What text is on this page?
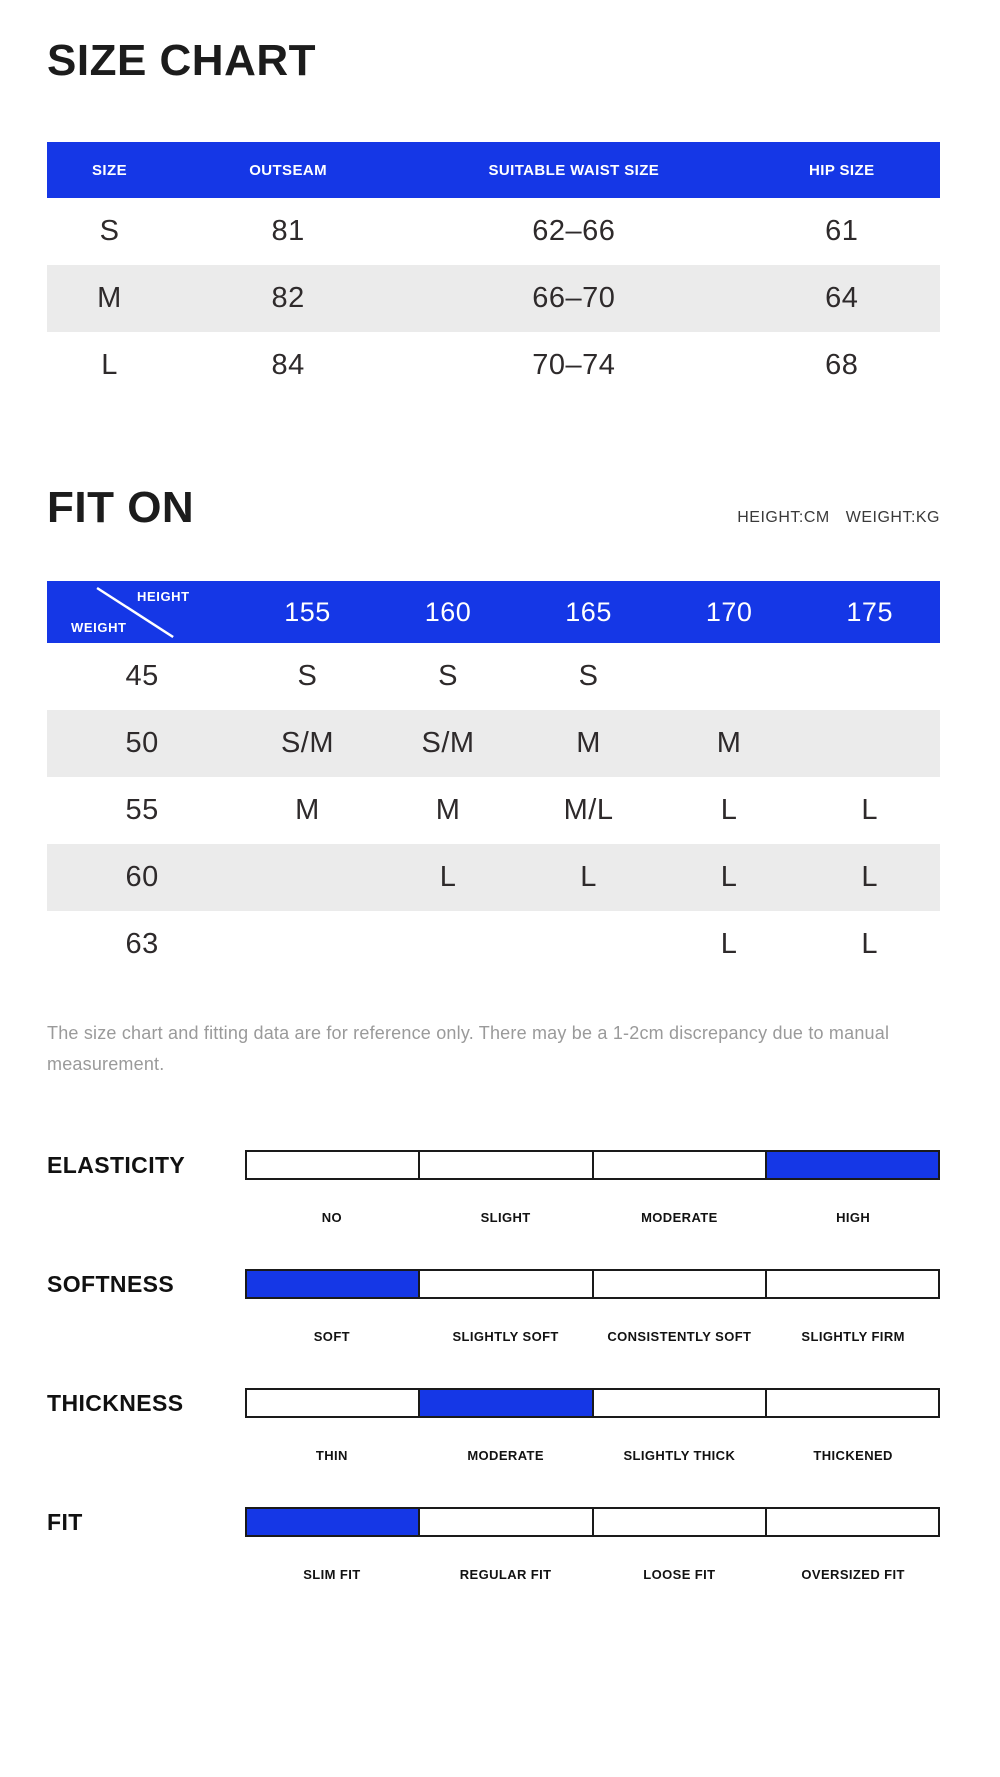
SIZE CHART
SIZE	OUTSEAM	SUITABLE WAIST SIZE	HIP SIZE
S	81	62–66	61
M	82	66–70	64
L	84	70–74	68
FIT ON	HEIGHT:CM WEIGHT:KG
HEIGHT
WEIGHT	155	160	165	170	175
45	S	S	S		
50	S/M	S/M	M	M	
55	M	M	M/L	L	L
60		L	L	L	L
63				L	L

The size chart and fitting data are for reference only. There may be a 1-2cm discrepancy due to manual measurement.

ELASTICITY
NO	SLIGHT	MODERATE	HIGH
SOFTNESS
SOFT	SLIGHTLY SOFT	CONSISTENTLY SOFT	SLIGHTLY FIRM
THICKNESS
THIN	MODERATE	SLIGHTLY THICK	THICKENED
FIT
SLIM FIT	REGULAR FIT	LOOSE FIT	OVERSIZED FIT
